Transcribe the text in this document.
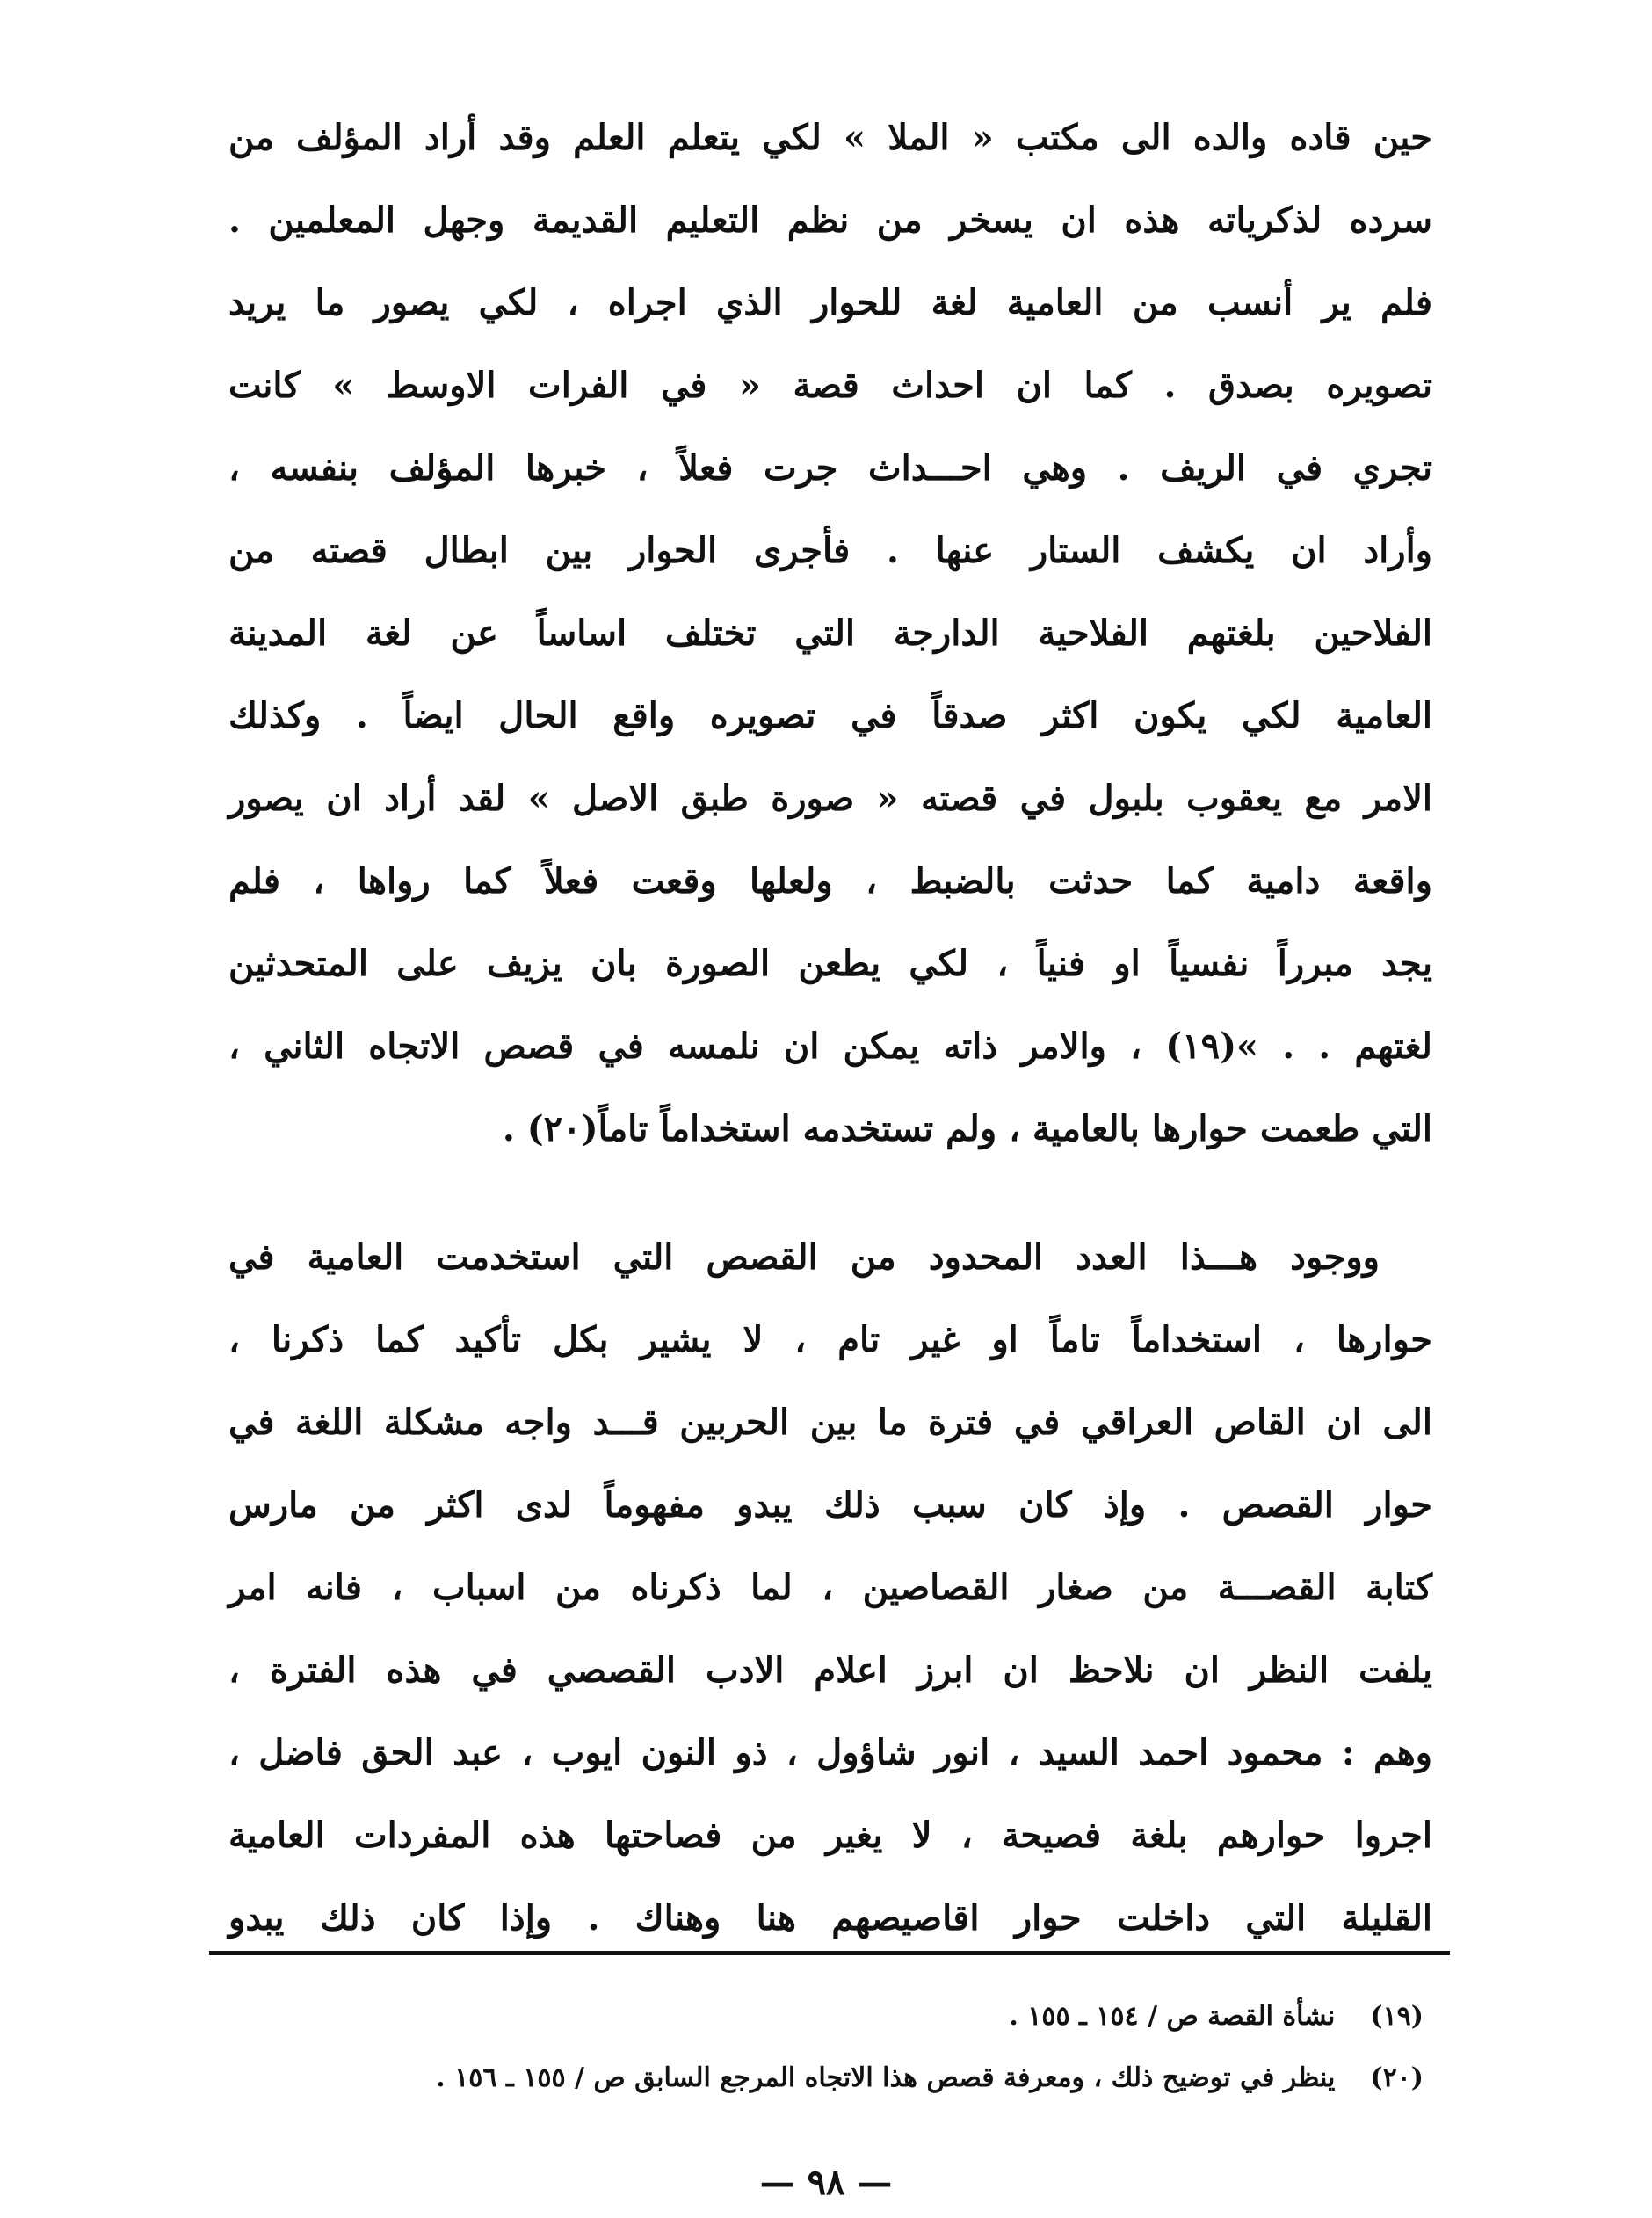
حين قاده والده الى مكتب « الملا » لكي يتعلم العلم وقد أراد المؤلف من
سرده لذكرياته هذه ان يسخر من نظم التعليم القديمة وجهل المعلمين .
فلم ير أنسب من العامية لغة للحوار الذي اجراه ، لكي يصور ما يريد
تصويره بصدق . كما ان احداث قصة « في الفرات الاوسط » كانت
تجري في الريف . وهي احـــداث جرت فعلاً ، خبرها المؤلف بنفسه ،
وأراد ان يكشف الستار عنها . فأجرى الحوار بين ابطال قصته من
الفلاحين بلغتهم الفلاحية الدارجة التي تختلف اساساً عن لغة المدينة
العامية لكي يكون اكثر صدقاً في تصويره واقع الحال ايضاً . وكذلك
الامر مع يعقوب بلبول في قصته « صورة طبق الاصل » لقد أراد ان يصور
واقعة دامية كما حدثت بالضبط ، ولعلها وقعت فعلاً كما رواها ، فلم
يجد مبرراً نفسياً او فنياً ، لكي يطعن الصورة بان يزيف على المتحدثين
لغتهم . . »(١٩) ، والامر ذاته يمكن ان نلمسه في قصص الاتجاه الثاني ،
التي طعمت حوارها بالعامية ، ولم تستخدمه استخداماً تاماً(٢٠) .
ووجود هـــذا العدد المحدود من القصص التي استخدمت العامية في
حوارها ، استخداماً تاماً او غير تام ، لا يشير بكل تأكيد كما ذكرنا ،
الى ان القاص العراقي في فترة ما بين الحربين قـــد واجه مشكلة اللغة في
حوار القصص . وإذ كان سبب ذلك يبدو مفهوماً لدى اكثر من مارس
كتابة القصـــة من صغار القصاصين ، لما ذكرناه من اسباب ، فانه امر
يلفت النظر ان نلاحظ ان ابرز اعلام الادب القصصي في هذه الفترة ،
وهم : محمود احمد السيد ، انور شاؤول ، ذو النون ايوب ، عبد الحق فاضل ،
اجروا حوارهم بلغة فصيحة ، لا يغير من فصاحتها هذه المفردات العامية
القليلة التي داخلت حوار اقاصيصهم هنا وهناك . وإذا كان ذلك يبدو
(١٩)نشأة القصة ص / ١٥٤ ـ ١٥٥ .
(٢٠)ينظر في توضيح ذلك ، ومعرفة قصص هذا الاتجاه المرجع السابق ص / ١٥٥ ـ ١٥٦ .
— ٩٨ —
